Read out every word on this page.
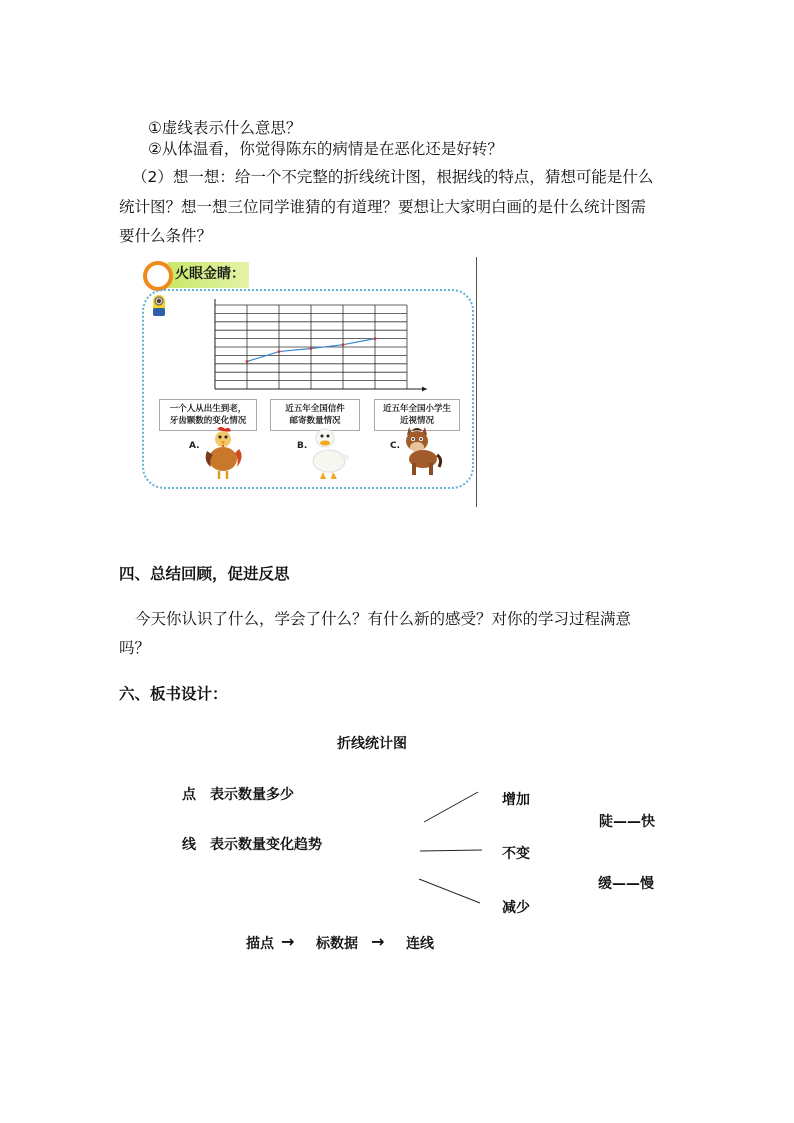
①虚线表示什么意思？
②从体温看，你觉得陈东的病情是在恶化还是好转？
（2）想一想：给一个不完整的折线统计图，根据线的特点，猜想可能是什么
统计图？想一想三位同学谁猜的有道理？要想让大家明白画的是什么统计图需
要什么条件？
火眼金睛：
一个人从出生到老，
牙齿颗数的变化情况
近五年全国信件
邮寄数量情况
近五年全国小学生
近视情况
A.	B.	C.
四、总结回顾，促进反思
今天你认识了什么，学会了什么？有什么新的感受？对你的学习过程满意
吗？
六、板书设计：
折线统计图
点 表示数量多少
线 表示数量变化趋势
增加
不变
减少
陡——快
缓——慢
描点 → 标数据 → 连线
